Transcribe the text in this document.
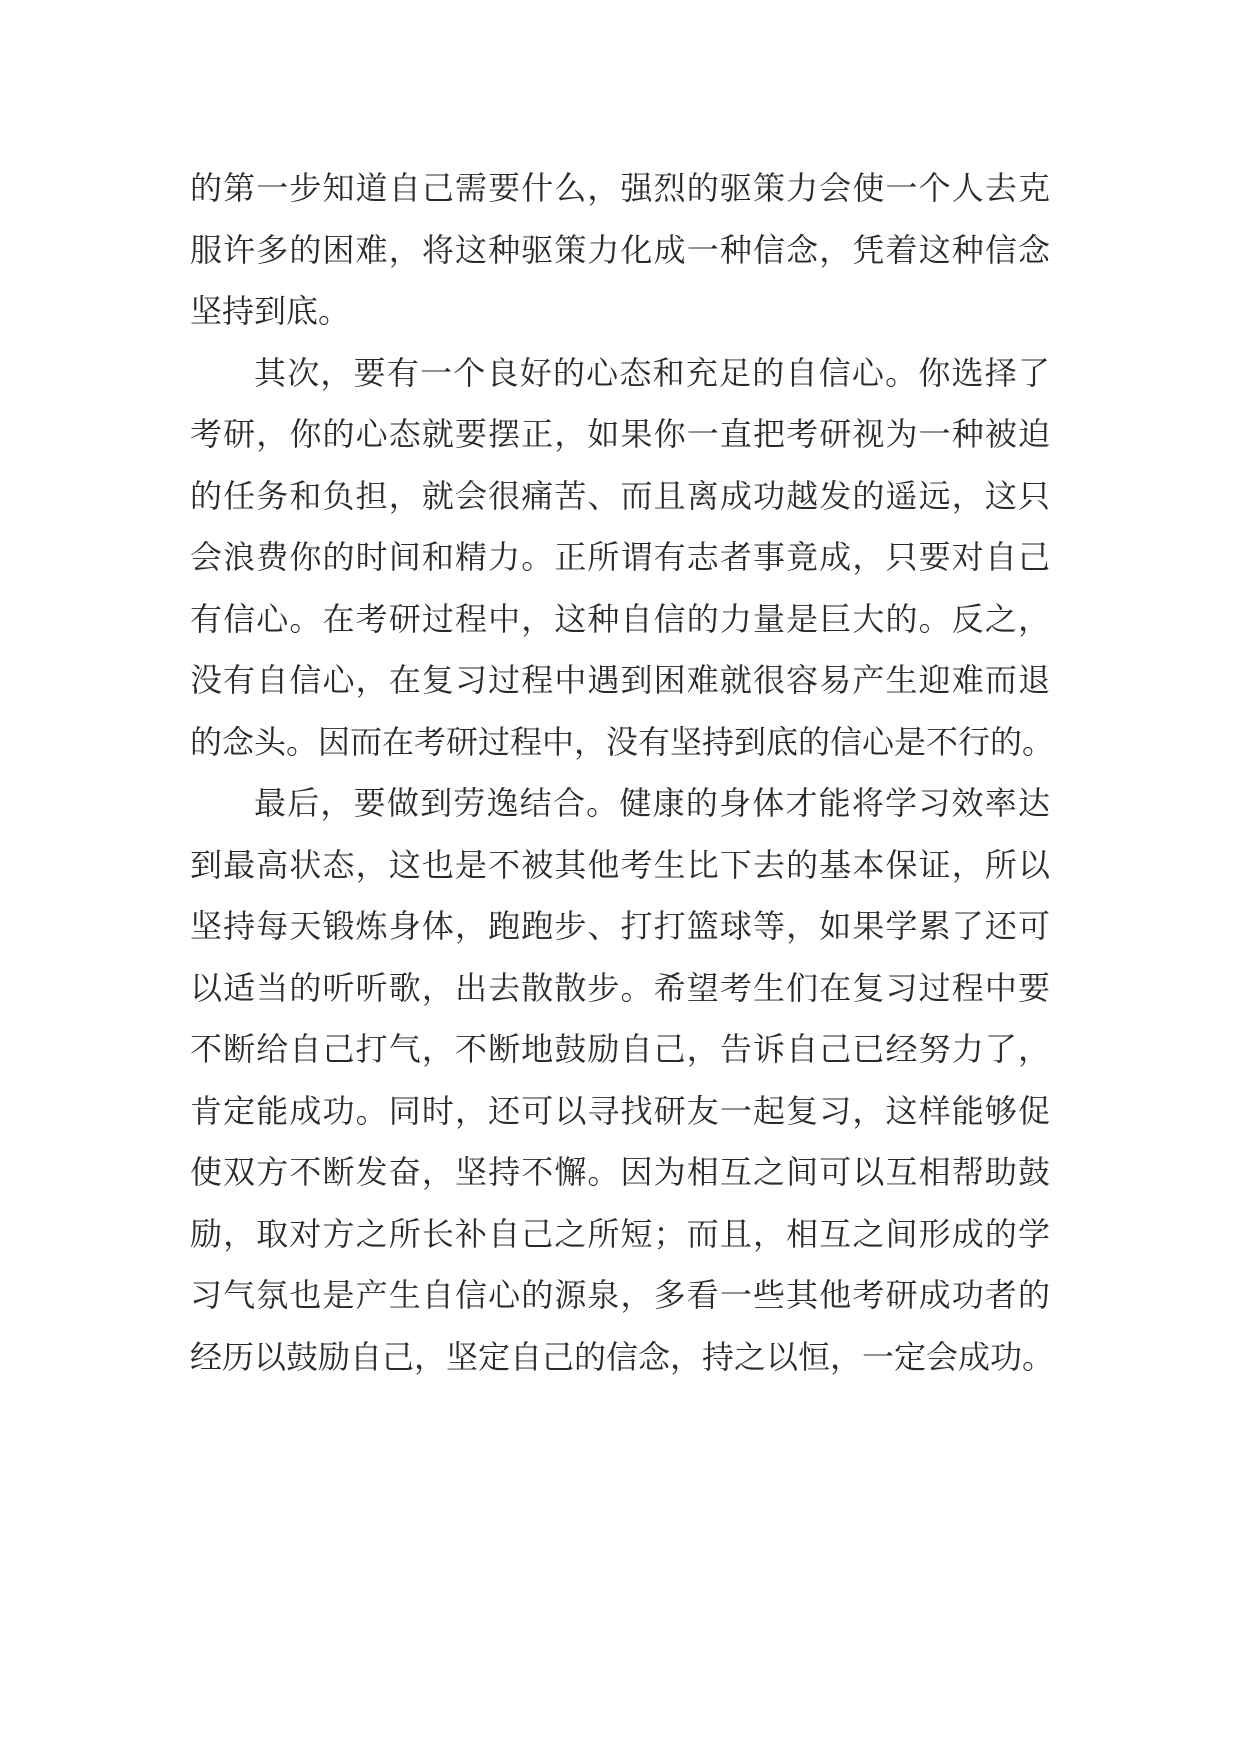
的第一步知道自己需要什么，强烈的驱策力会使一个人去克
服许多的困难，将这种驱策力化成一种信念，凭着这种信念
坚持到底。
其次，要有一个良好的心态和充足的自信心。你选择了
考研，你的心态就要摆正，如果你一直把考研视为一种被迫
的任务和负担，就会很痛苦、而且离成功越发的遥远，这只
会浪费你的时间和精力。正所谓有志者事竟成，只要对自己
有信心。在考研过程中，这种自信的力量是巨大的。反之，
没有自信心，在复习过程中遇到困难就很容易产生迎难而退
的念头。因而在考研过程中，没有坚持到底的信心是不行的。
最后，要做到劳逸结合。健康的身体才能将学习效率达
到最高状态，这也是不被其他考生比下去的基本保证，所以
坚持每天锻炼身体，跑跑步、打打篮球等，如果学累了还可
以适当的听听歌，出去散散步。希望考生们在复习过程中要
不断给自己打气，不断地鼓励自己，告诉自己已经努力了，
肯定能成功。同时，还可以寻找研友一起复习，这样能够促
使双方不断发奋，坚持不懈。因为相互之间可以互相帮助鼓
励，取对方之所长补自己之所短；而且，相互之间形成的学
习气氛也是产生自信心的源泉，多看一些其他考研成功者的
经历以鼓励自己，坚定自己的信念，持之以恒，一定会成功。
